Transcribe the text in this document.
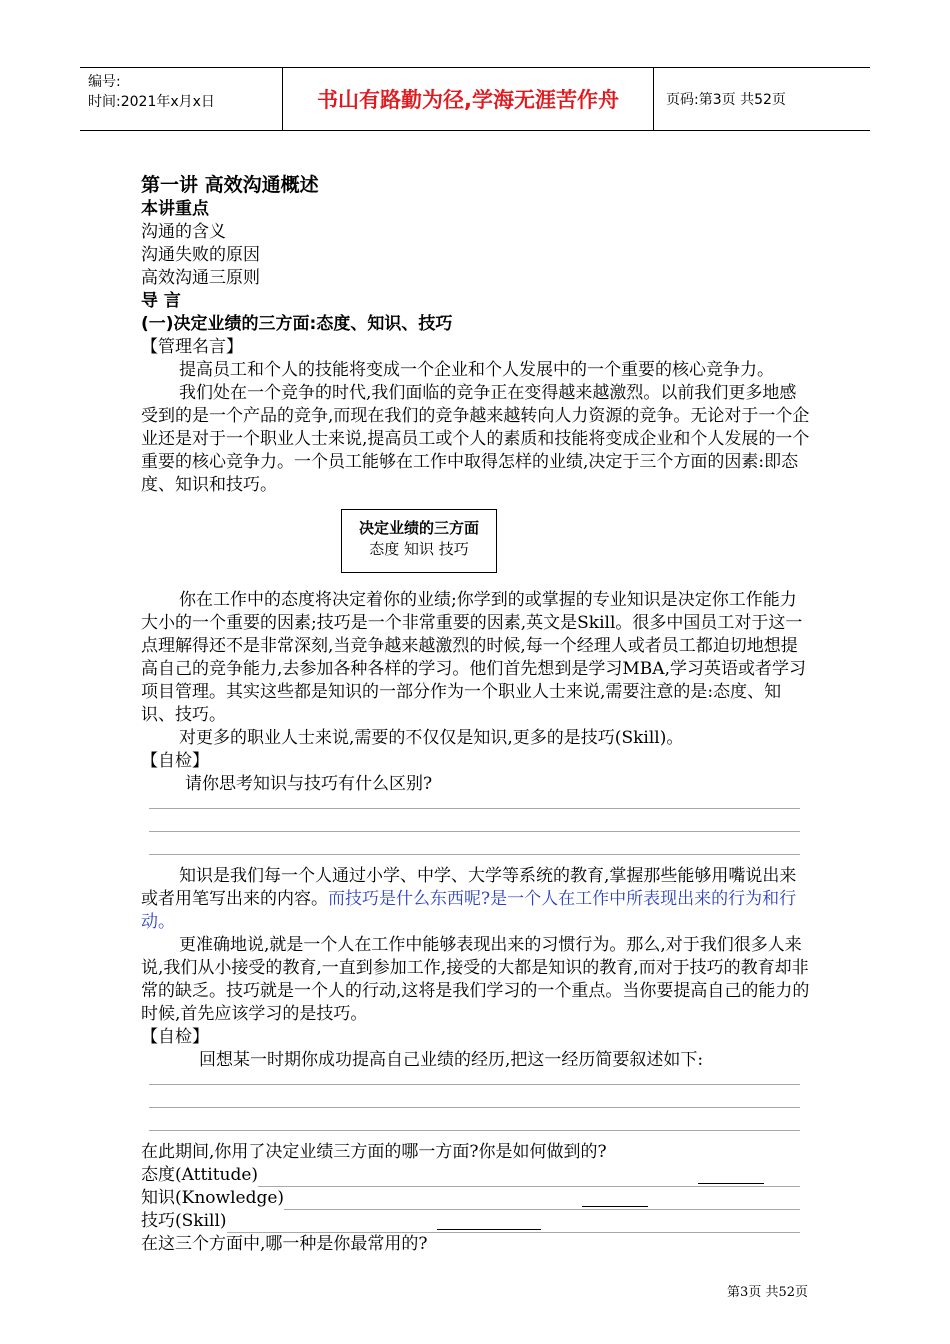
编号:
时间:2021年x月x日	书山有路勤为径,学海无涯苦作舟	页码:第3页 共52页

第一讲 高效沟通概述

本讲重点

沟通的含义

沟通失败的原因

高效沟通三原则

导 言

(一)决定业绩的三方面:态度、知识、技巧

【管理名言】

提高员工和个人的技能将变成一个企业和个人发展中的一个重要的核心竞争力。

我们处在一个竞争的时代,我们面临的竞争正在变得越来越激烈。以前我们更多地感受到的是一个产品的竞争,而现在我们的竞争越来越转向人力资源的竞争。无论对于一个企业还是对于一个职业人士来说,提高员工或个人的素质和技能将变成企业和个人发展的一个重要的核心竞争力。一个员工能够在工作中取得怎样的业绩,决定于三个方面的因素:即态度、知识和技巧。

决定业绩的三方面
态度 知识 技巧

你在工作中的态度将决定着你的业绩;你学到的或掌握的专业知识是决定你工作能力大小的一个重要的因素;技巧是一个非常重要的因素,英文是Skill。很多中国员工对于这一点理解得还不是非常深刻,当竞争越来越激烈的时候,每一个经理人或者员工都迫切地想提高自己的竞争能力,去参加各种各样的学习。他们首先想到是学习MBA,学习英语或者学习项目管理。其实这些都是知识的一部分作为一个职业人士来说,需要注意的是:态度、知识、技巧。

对更多的职业人士来说,需要的不仅仅是知识,更多的是技巧(Skill)。

【自检】

请你思考知识与技巧有什么区别?

知识是我们每一个人通过小学、中学、大学等系统的教育,掌握那些能够用嘴说出来或者用笔写出来的内容。而技巧是什么东西呢?是一个人在工作中所表现出来的行为和行动。

更准确地说,就是一个人在工作中能够表现出来的习惯行为。那么,对于我们很多人来说,我们从小接受的教育,一直到参加工作,接受的大都是知识的教育,而对于技巧的教育却非常的缺乏。技巧就是一个人的行动,这将是我们学习的一个重点。当你要提高自己的能力的时候,首先应该学习的是技巧。

【自检】

回想某一时期你成功提高自己业绩的经历,把这一经历简要叙述如下:

在此期间,你用了决定业绩三方面的哪一方面?你是如何做到的?

态度(Attitude)
知识(Knowledge)
技巧(Skill)

在这三个方面中,哪一种是你最常用的?

第3页 共52页
